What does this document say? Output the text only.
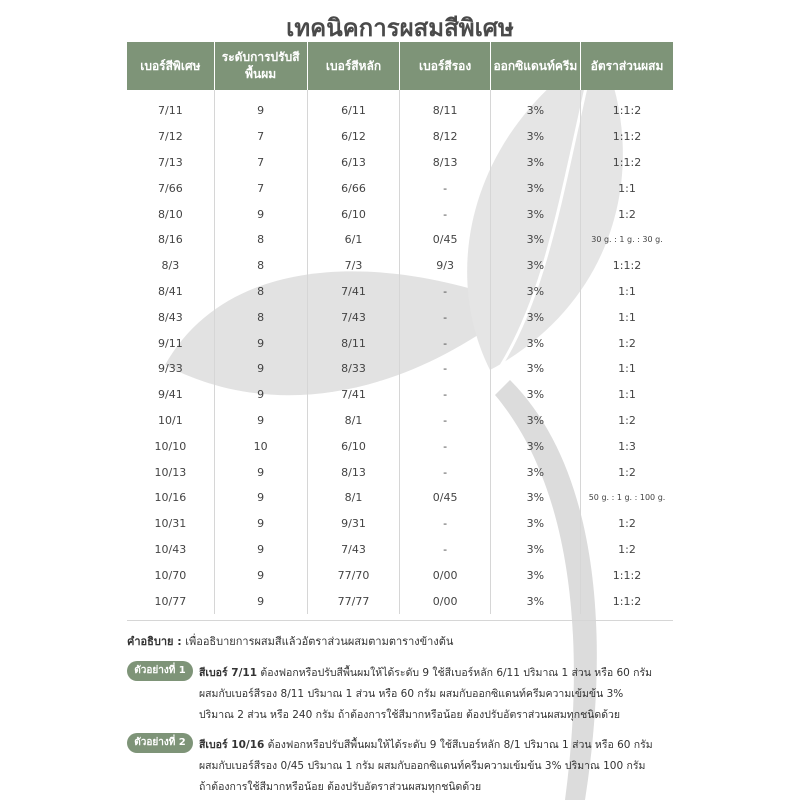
เทคนิคการผสมสีพิเศษ
เบอร์สีพิเศษ	ระดับการปรับสีพื้นผม	เบอร์สีหลัก	เบอร์สีรอง	ออกซิแดนท์ครีม	อัตราส่วนผสม
7/11	9	6/11	8/11	3%	1:1:2
7/12	7	6/12	8/12	3%	1:1:2
7/13	7	6/13	8/13	3%	1:1:2
7/66	7	6/66	-	3%	1:1
8/10	9	6/10	-	3%	1:2
8/16	8	6/1	0/45	3%	30 g. : 1 g. : 30 g.
8/3	8	7/3	9/3	3%	1:1:2
8/41	8	7/41	-	3%	1:1
8/43	8	7/43	-	3%	1:1
9/11	9	8/11	-	3%	1:2
9/33	9	8/33	-	3%	1:1
9/41	9	7/41	-	3%	1:1
10/1	9	8/1	-	3%	1:2
10/10	10	6/10	-	3%	1:3
10/13	9	8/13	-	3%	1:2
10/16	9	8/1	0/45	3%	50 g. : 1 g. : 100 g.
10/31	9	9/31	-	3%	1:2
10/43	9	7/43	-	3%	1:2
10/70	9	77/70	0/00	3%	1:1:2
10/77	9	77/77	0/00	3%	1:1:2
คำอธิบาย : เพื่ออธิบายการผสมสีแล้วอัตราส่วนผสมตามตารางข้างต้น
ตัวอย่างที่ 1	สีเบอร์ 7/11 ต้องฟอกหรือปรับสีพื้นผมให้ได้ระดับ 9 ใช้สีเบอร์หลัก 6/11 ปริมาณ 1 ส่วน หรือ 60 กรัม
ผสมกับเบอร์สีรอง 8/11 ปริมาณ 1 ส่วน หรือ 60 กรัม ผสมกับออกซิแดนท์ครีมความเข้มข้น 3%
ปริมาณ 2 ส่วน หรือ 240 กรัม ถ้าต้องการใช้สีมากหรือน้อย ต้องปรับอัตราส่วนผสมทุกชนิดด้วย
ตัวอย่างที่ 2	สีเบอร์ 10/16 ต้องฟอกหรือปรับสีพื้นผมให้ได้ระดับ 9 ใช้สีเบอร์หลัก 8/1 ปริมาณ 1 ส่วน หรือ 60 กรัม
ผสมกับเบอร์สีรอง 0/45 ปริมาณ 1 กรัม ผสมกับออกซิแดนท์ครีมความเข้มข้น 3% ปริมาณ 100 กรัม
ถ้าต้องการใช้สีมากหรือน้อย ต้องปรับอัตราส่วนผสมทุกชนิดด้วย
